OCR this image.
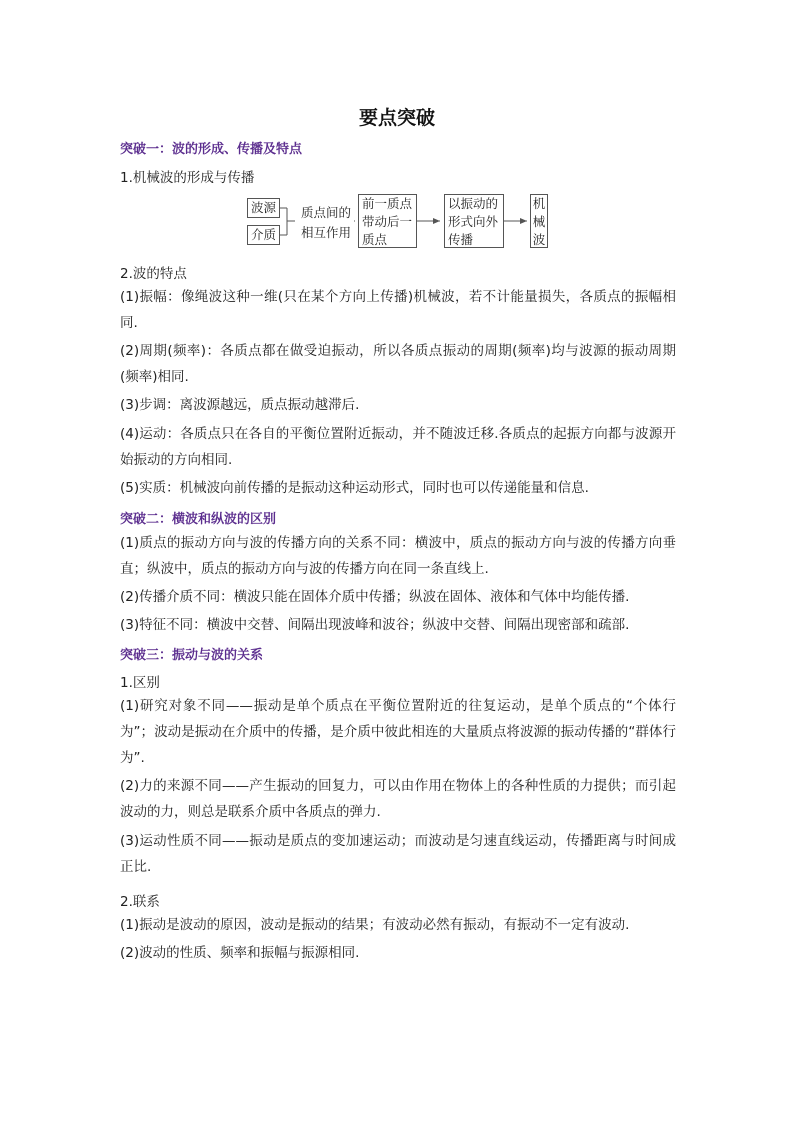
要点突破
突破一：波的形成、传播及特点
1.机械波的形成与传播
波源
介质
质点间的
相互作用
前一质点
带动后一
质点
以振动的
形式向外
传播
机
械
波
2.波的特点
(1)振幅：像绳波这种一维(只在某个方向上传播)机械波，若不计能量损失，各质点的振幅相同.
(2)周期(频率)：各质点都在做受迫振动，所以各质点振动的周期(频率)均与波源的振动周期(频率)相同.
(3)步调：离波源越远，质点振动越滞后.
(4)运动：各质点只在各自的平衡位置附近振动，并不随波迁移.各质点的起振方向都与波源开始振动的方向相同.
(5)实质：机械波向前传播的是振动这种运动形式，同时也可以传递能量和信息.
突破二：横波和纵波的区别
(1)质点的振动方向与波的传播方向的关系不同：横波中，质点的振动方向与波的传播方向垂直；纵波中，质点的振动方向与波的传播方向在同一条直线上.
(2)传播介质不同：横波只能在固体介质中传播；纵波在固体、液体和气体中均能传播.
(3)特征不同：横波中交替、间隔出现波峰和波谷；纵波中交替、间隔出现密部和疏部.
突破三：振动与波的关系
1.区别
(1)研究对象不同——振动是单个质点在平衡位置附近的往复运动，是单个质点的“个体行为”；波动是振动在介质中的传播，是介质中彼此相连的大量质点将波源的振动传播的“群体行为”.
(2)力的来源不同——产生振动的回复力，可以由作用在物体上的各种性质的力提供；而引起波动的力，则总是联系介质中各质点的弹力.
(3)运动性质不同——振动是质点的变加速运动；而波动是匀速直线运动，传播距离与时间成正比.
2.联系
(1)振动是波动的原因，波动是振动的结果；有波动必然有振动，有振动不一定有波动.
(2)波动的性质、频率和振幅与振源相同.
